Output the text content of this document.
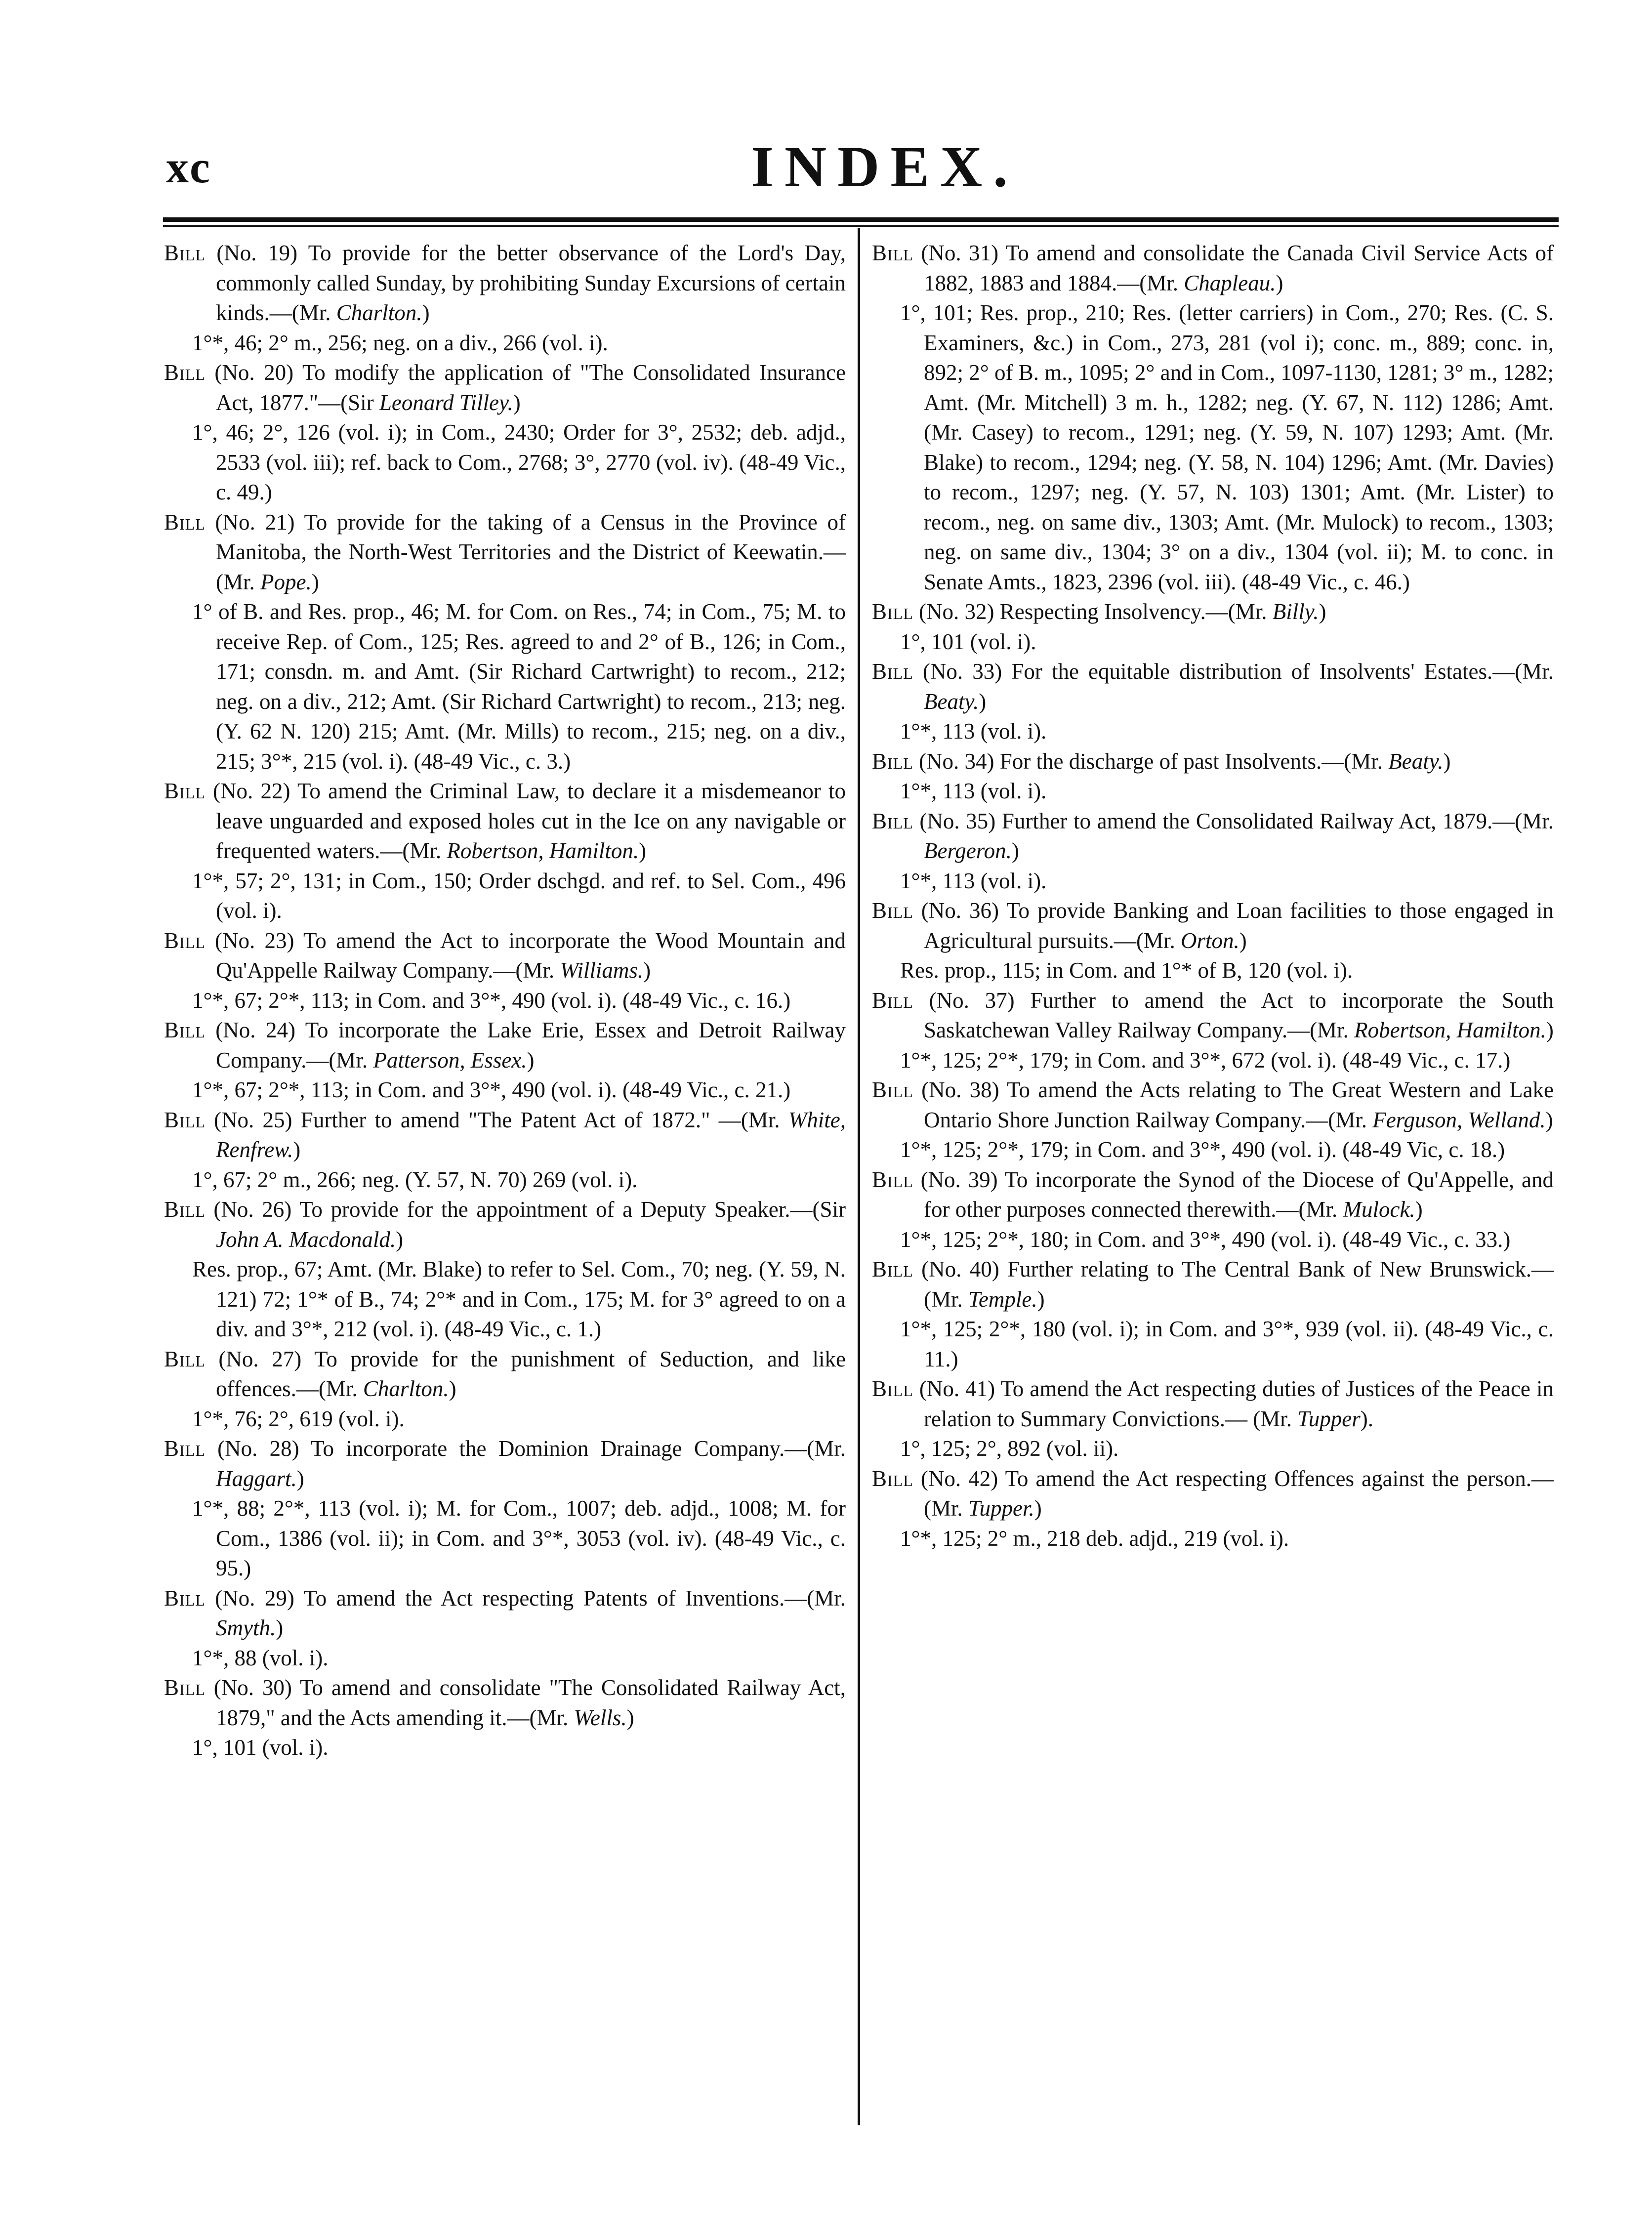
xc	INDEX.

Bill (No. 19) To provide for the better observance of the Lord's Day, commonly called Sunday, by prohibiting Sunday Excursions of certain kinds.—(Mr. Charlton.)

1°*, 46; 2° m., 256; neg. on a div., 266 (vol. i).

Bill (No. 20) To modify the application of "The Consolidated Insurance Act, 1877."—(Sir Leonard Tilley.)

1°, 46; 2°, 126 (vol. i); in Com., 2430; Order for 3°, 2532; deb. adjd., 2533 (vol. iii); ref. back to Com., 2768; 3°, 2770 (vol. iv). (48-49 Vic., c. 49.)

Bill (No. 21) To provide for the taking of a Census in the Province of Manitoba, the North-West Territories and the District of Keewatin.—(Mr. Pope.)

1° of B. and Res. prop., 46; M. for Com. on Res., 74; in Com., 75; M. to receive Rep. of Com., 125; Res. agreed to and 2° of B., 126; in Com., 171; consdn. m. and Amt. (Sir Richard Cartwright) to recom., 212; neg. on a div., 212; Amt. (Sir Richard Cartwright) to recom., 213; neg. (Y. 62 N. 120) 215; Amt. (Mr. Mills) to recom., 215; neg. on a div., 215; 3°*, 215 (vol. i). (48-49 Vic., c. 3.)

Bill (No. 22) To amend the Criminal Law, to declare it a misdemeanor to leave unguarded and exposed holes cut in the Ice on any navigable or frequented waters.—(Mr. Robertson, Hamilton.)

1°*, 57; 2°, 131; in Com., 150; Order dschgd. and ref. to Sel. Com., 496 (vol. i).

Bill (No. 23) To amend the Act to incorporate the Wood Mountain and Qu'Appelle Railway Company.—(Mr. Williams.)

1°*, 67; 2°*, 113; in Com. and 3°*, 490 (vol. i). (48-49 Vic., c. 16.)

Bill (No. 24) To incorporate the Lake Erie, Essex and Detroit Railway Company.—(Mr. Patterson, Essex.)

1°*, 67; 2°*, 113; in Com. and 3°*, 490 (vol. i). (48-49 Vic., c. 21.)

Bill (No. 25) Further to amend "The Patent Act of 1872." —(Mr. White, Renfrew.)

1°, 67; 2° m., 266; neg. (Y. 57, N. 70) 269 (vol. i).

Bill (No. 26) To provide for the appointment of a Deputy Speaker.—(Sir John A. Macdonald.)

Res. prop., 67; Amt. (Mr. Blake) to refer to Sel. Com., 70; neg. (Y. 59, N. 121) 72; 1°* of B., 74; 2°* and in Com., 175; M. for 3° agreed to on a div. and 3°*, 212 (vol. i). (48-49 Vic., c. 1.)

Bill (No. 27) To provide for the punishment of Seduction, and like offences.—(Mr. Charlton.)

1°*, 76; 2°, 619 (vol. i).

Bill (No. 28) To incorporate the Dominion Drainage Company.—(Mr. Haggart.)

1°*, 88; 2°*, 113 (vol. i); M. for Com., 1007; deb. adjd., 1008; M. for Com., 1386 (vol. ii); in Com. and 3°*, 3053 (vol. iv). (48-49 Vic., c. 95.)

Bill (No. 29) To amend the Act respecting Patents of Inventions.—(Mr. Smyth.)

1°*, 88 (vol. i).

Bill (No. 30) To amend and consolidate "The Consolidated Railway Act, 1879," and the Acts amending it.—(Mr. Wells.)

1°, 101 (vol. i).

Bill (No. 31) To amend and consolidate the Canada Civil Service Acts of 1882, 1883 and 1884.—(Mr. Chapleau.)

1°, 101; Res. prop., 210; Res. (letter carriers) in Com., 270; Res. (C. S. Examiners, &c.) in Com., 273, 281 (vol i); conc. m., 889; conc. in, 892; 2° of B. m., 1095; 2° and in Com., 1097-1130, 1281; 3° m., 1282; Amt. (Mr. Mitchell) 3 m. h., 1282; neg. (Y. 67, N. 112) 1286; Amt. (Mr. Casey) to recom., 1291; neg. (Y. 59, N. 107) 1293; Amt. (Mr. Blake) to recom., 1294; neg. (Y. 58, N. 104) 1296; Amt. (Mr. Davies) to recom., 1297; neg. (Y. 57, N. 103) 1301; Amt. (Mr. Lister) to recom., neg. on same div., 1303; Amt. (Mr. Mulock) to recom., 1303; neg. on same div., 1304; 3° on a div., 1304 (vol. ii); M. to conc. in Senate Amts., 1823, 2396 (vol. iii). (48-49 Vic., c. 46.)

Bill (No. 32) Respecting Insolvency.—(Mr. Billy.)

1°, 101 (vol. i).

Bill (No. 33) For the equitable distribution of Insolvents' Estates.—(Mr. Beaty.)

1°*, 113 (vol. i).

Bill (No. 34) For the discharge of past Insolvents.—(Mr. Beaty.)

1°*, 113 (vol. i).

Bill (No. 35) Further to amend the Consolidated Railway Act, 1879.—(Mr. Bergeron.)

1°*, 113 (vol. i).

Bill (No. 36) To provide Banking and Loan facilities to those engaged in Agricultural pursuits.—(Mr. Orton.)

Res. prop., 115; in Com. and 1°* of B, 120 (vol. i).

Bill (No. 37) Further to amend the Act to incorporate the South Saskatchewan Valley Railway Company.—(Mr. Robertson, Hamilton.)

1°*, 125; 2°*, 179; in Com. and 3°*, 672 (vol. i). (48-49 Vic., c. 17.)

Bill (No. 38) To amend the Acts relating to The Great Western and Lake Ontario Shore Junction Railway Company.—(Mr. Ferguson, Welland.)

1°*, 125; 2°*, 179; in Com. and 3°*, 490 (vol. i). (48-49 Vic, c. 18.)

Bill (No. 39) To incorporate the Synod of the Diocese of Qu'Appelle, and for other purposes connected therewith.—(Mr. Mulock.)

1°*, 125; 2°*, 180; in Com. and 3°*, 490 (vol. i). (48-49 Vic., c. 33.)

Bill (No. 40) Further relating to The Central Bank of New Brunswick.—(Mr. Temple.)

1°*, 125; 2°*, 180 (vol. i); in Com. and 3°*, 939 (vol. ii). (48-49 Vic., c. 11.)

Bill (No. 41) To amend the Act respecting duties of Justices of the Peace in relation to Summary Convictions.— (Mr. Tupper).

1°, 125; 2°, 892 (vol. ii).

Bill (No. 42) To amend the Act respecting Offences against the person.—(Mr. Tupper.)

1°*, 125; 2° m., 218 deb. adjd., 219 (vol. i).
